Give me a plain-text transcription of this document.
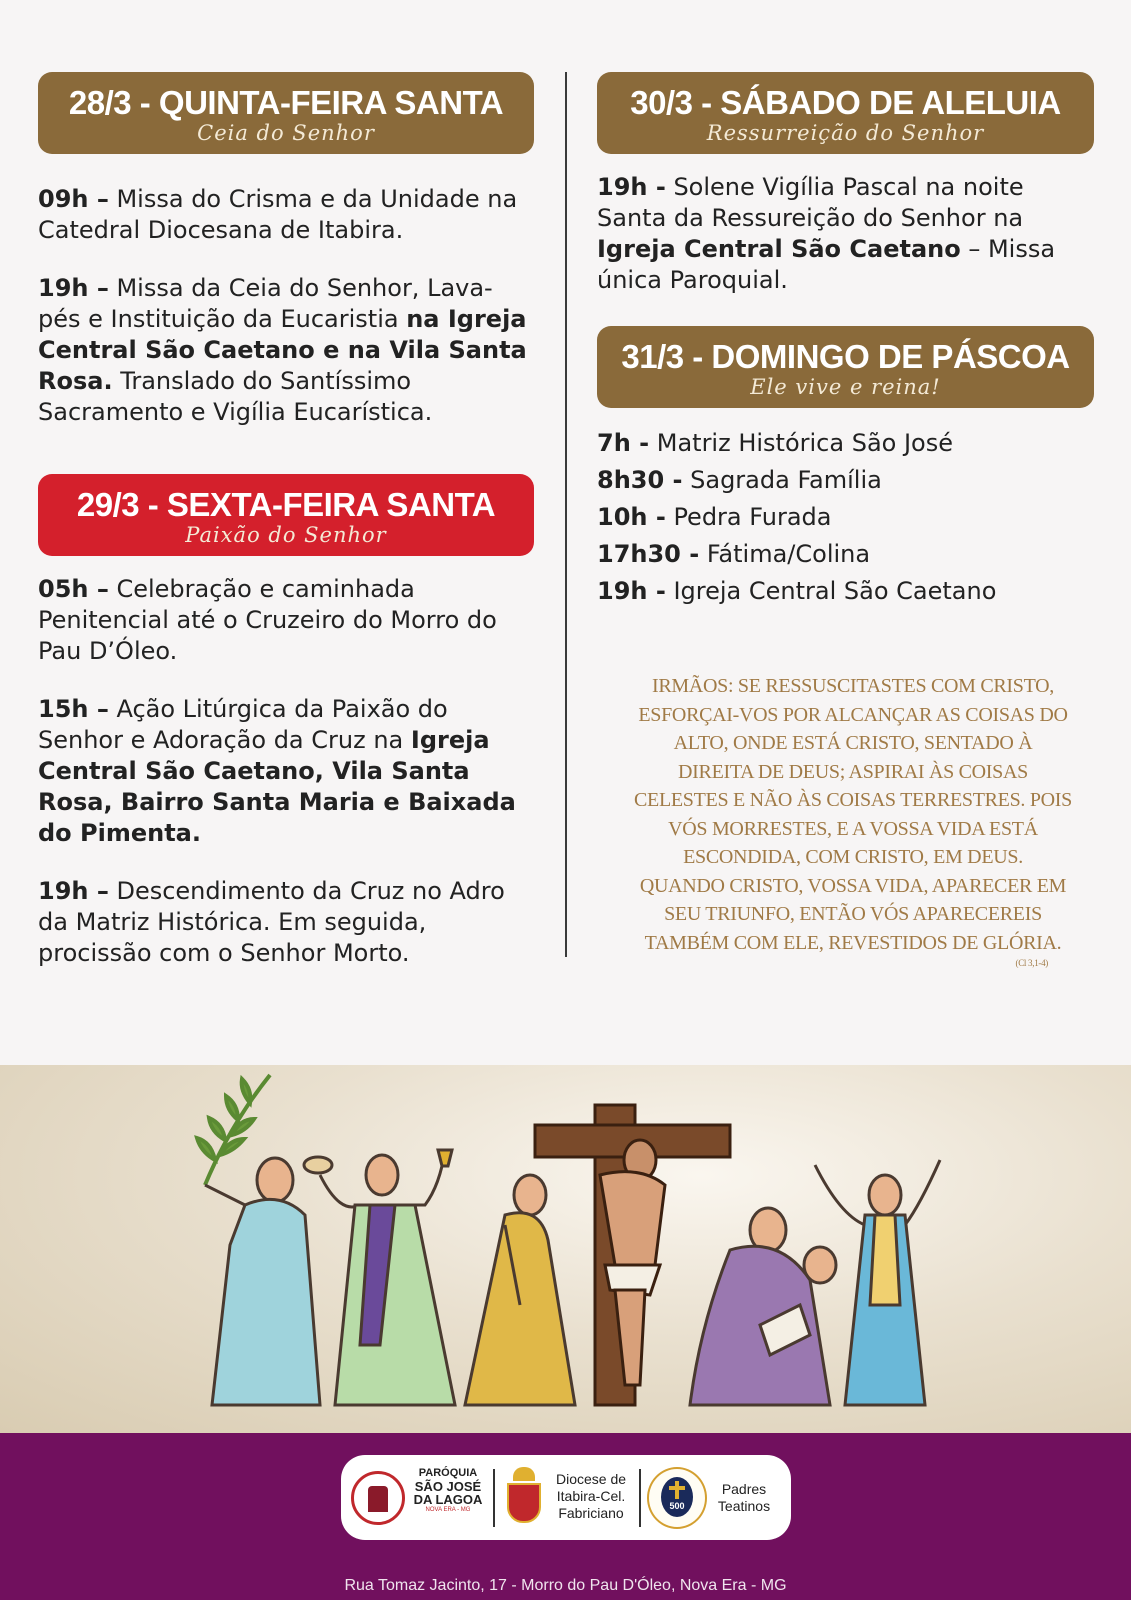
28/3 - QUINTA-FEIRA SANTA
Ceia do Senhor

09h – Missa do Crisma e da Unidade na Catedral Diocesana de Itabira.

19h – Missa da Ceia do Senhor, Lava-pés e Instituição da Eucaristia na Igreja Central São Caetano e na Vila Santa Rosa. Translado do Santíssimo Sacramento e Vigília Eucarística.

29/3 - SEXTA-FEIRA SANTA
Paixão do Senhor

05h – Celebração e caminhada Penitencial até o Cruzeiro do Morro do Pau D’Óleo.

15h – Ação Litúrgica da Paixão do Senhor e Adoração da Cruz na Igreja Central São Caetano, Vila Santa Rosa, Bairro Santa Maria e Baixada do Pimenta.

19h – Descendimento da Cruz no Adro da Matriz Histórica. Em seguida, procissão com o Senhor Morto.

30/3 - SÁBADO DE ALELUIA
Ressurreição do Senhor

19h - Solene Vigília Pascal na noite Santa da Ressureição do Senhor na Igreja Central São Caetano – Missa única Paroquial.

31/3 - DOMINGO DE PÁSCOA
Ele vive e reina!

7h - Matriz Histórica São José

8h30 - Sagrada Família

10h - Pedra Furada

17h30 - Fátima/Colina

19h - Igreja Central São Caetano

IRMÃOS: SE RESSUSCITASTES COM CRISTO,
ESFORÇAI-VOS POR ALCANÇAR AS COISAS DO
ALTO, ONDE ESTÁ CRISTO, SENTADO À
DIREITA DE DEUS; ASPIRAI ÀS COISAS
CELESTES E NÃO ÀS COISAS TERRESTRES. POIS
VÓS MORRESTES, E A VOSSA VIDA ESTÁ
ESCONDIDA, COM CRISTO, EM DEUS.
QUANDO CRISTO, VOSSA VIDA, APARECER EM
SEU TRIUNFO, ENTÃO VÓS APARECEREIS
TAMBÉM COM ELE, REVESTIDOS DE GLÓRIA.
(Cl 3,1-4)
PARÓQUIA
SÃO JOSÉ
DA LAGOA
NOVA ERA - MG
Diocese de
Itabira-Cel.
Fabriciano	500
Padres
Teatinos
Rua Tomaz Jacinto, 17 - Morro do Pau D'Óleo, Nova Era - MG
